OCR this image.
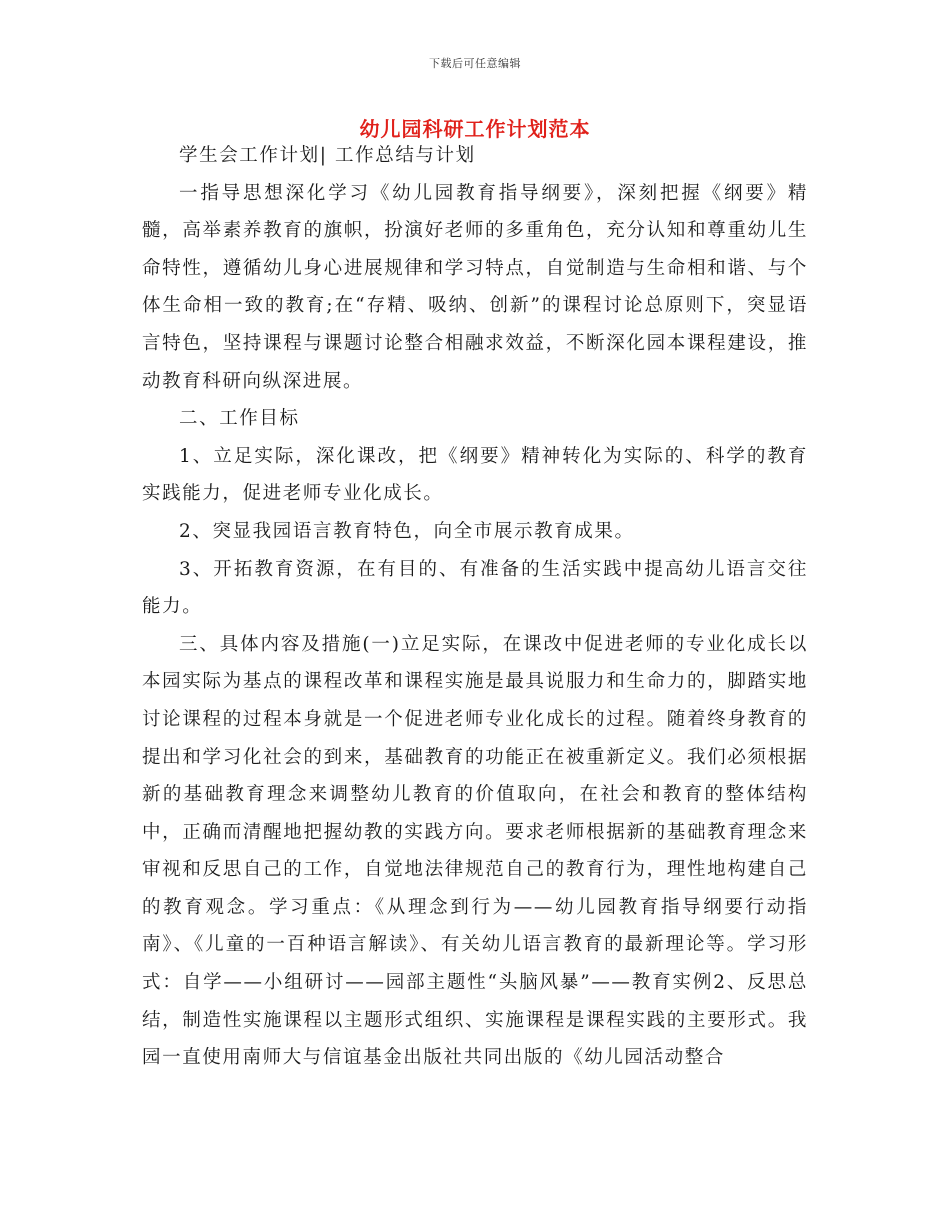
下载后可任意编辑
幼儿园科研工作计划范本

学生会工作计划| 工作总结与计划

一指导思想深化学习《幼儿园教育指导纲要》，深刻把握《纲要》精髓，高举素养教育的旗帜，扮演好老师的多重角色，充分认知和尊重幼儿生命特性，遵循幼儿身心进展规律和学习特点，自觉制造与生命相和谐、与个体生命相一致的教育;在“存精、吸纳、创新”的课程讨论总原则下，突显语言特色，坚持课程与课题讨论整合相融求效益，不断深化园本课程建设，推动教育科研向纵深进展。

二、工作目标

1、立足实际，深化课改，把《纲要》精神转化为实际的、科学的教育实践能力，促进老师专业化成长。

2、突显我园语言教育特色，向全市展示教育成果。

3、开拓教育资源，在有目的、有准备的生活实践中提高幼儿语言交往能力。

三、具体内容及措施(一)立足实际，在课改中促进老师的专业化成长以本园实际为基点的课程改革和课程实施是最具说服力和生命力的，脚踏实地讨论课程的过程本身就是一个促进老师专业化成长的过程。随着终身教育的提出和学习化社会的到来，基础教育的功能正在被重新定义。我们必须根据新的基础教育理念来调整幼儿教育的价值取向，在社会和教育的整体结构中，正确而清醒地把握幼教的实践方向。要求老师根据新的基础教育理念来审视和反思自己的工作，自觉地法律规范自己的教育行为，理性地构建自己的教育观念。学习重点：《从理念到行为——幼儿园教育指导纲要行动指南》、《儿童的一百种语言解读》、有关幼儿语言教育的最新理论等。学习形式：自学——小组研讨——园部主题性“头脑风暴”——教育实例2、反思总结，制造性实施课程以主题形式组织、实施课程是课程实践的主要形式。我园一直使用南师大与信谊基金出版社共同出版的《幼儿园活动整合
